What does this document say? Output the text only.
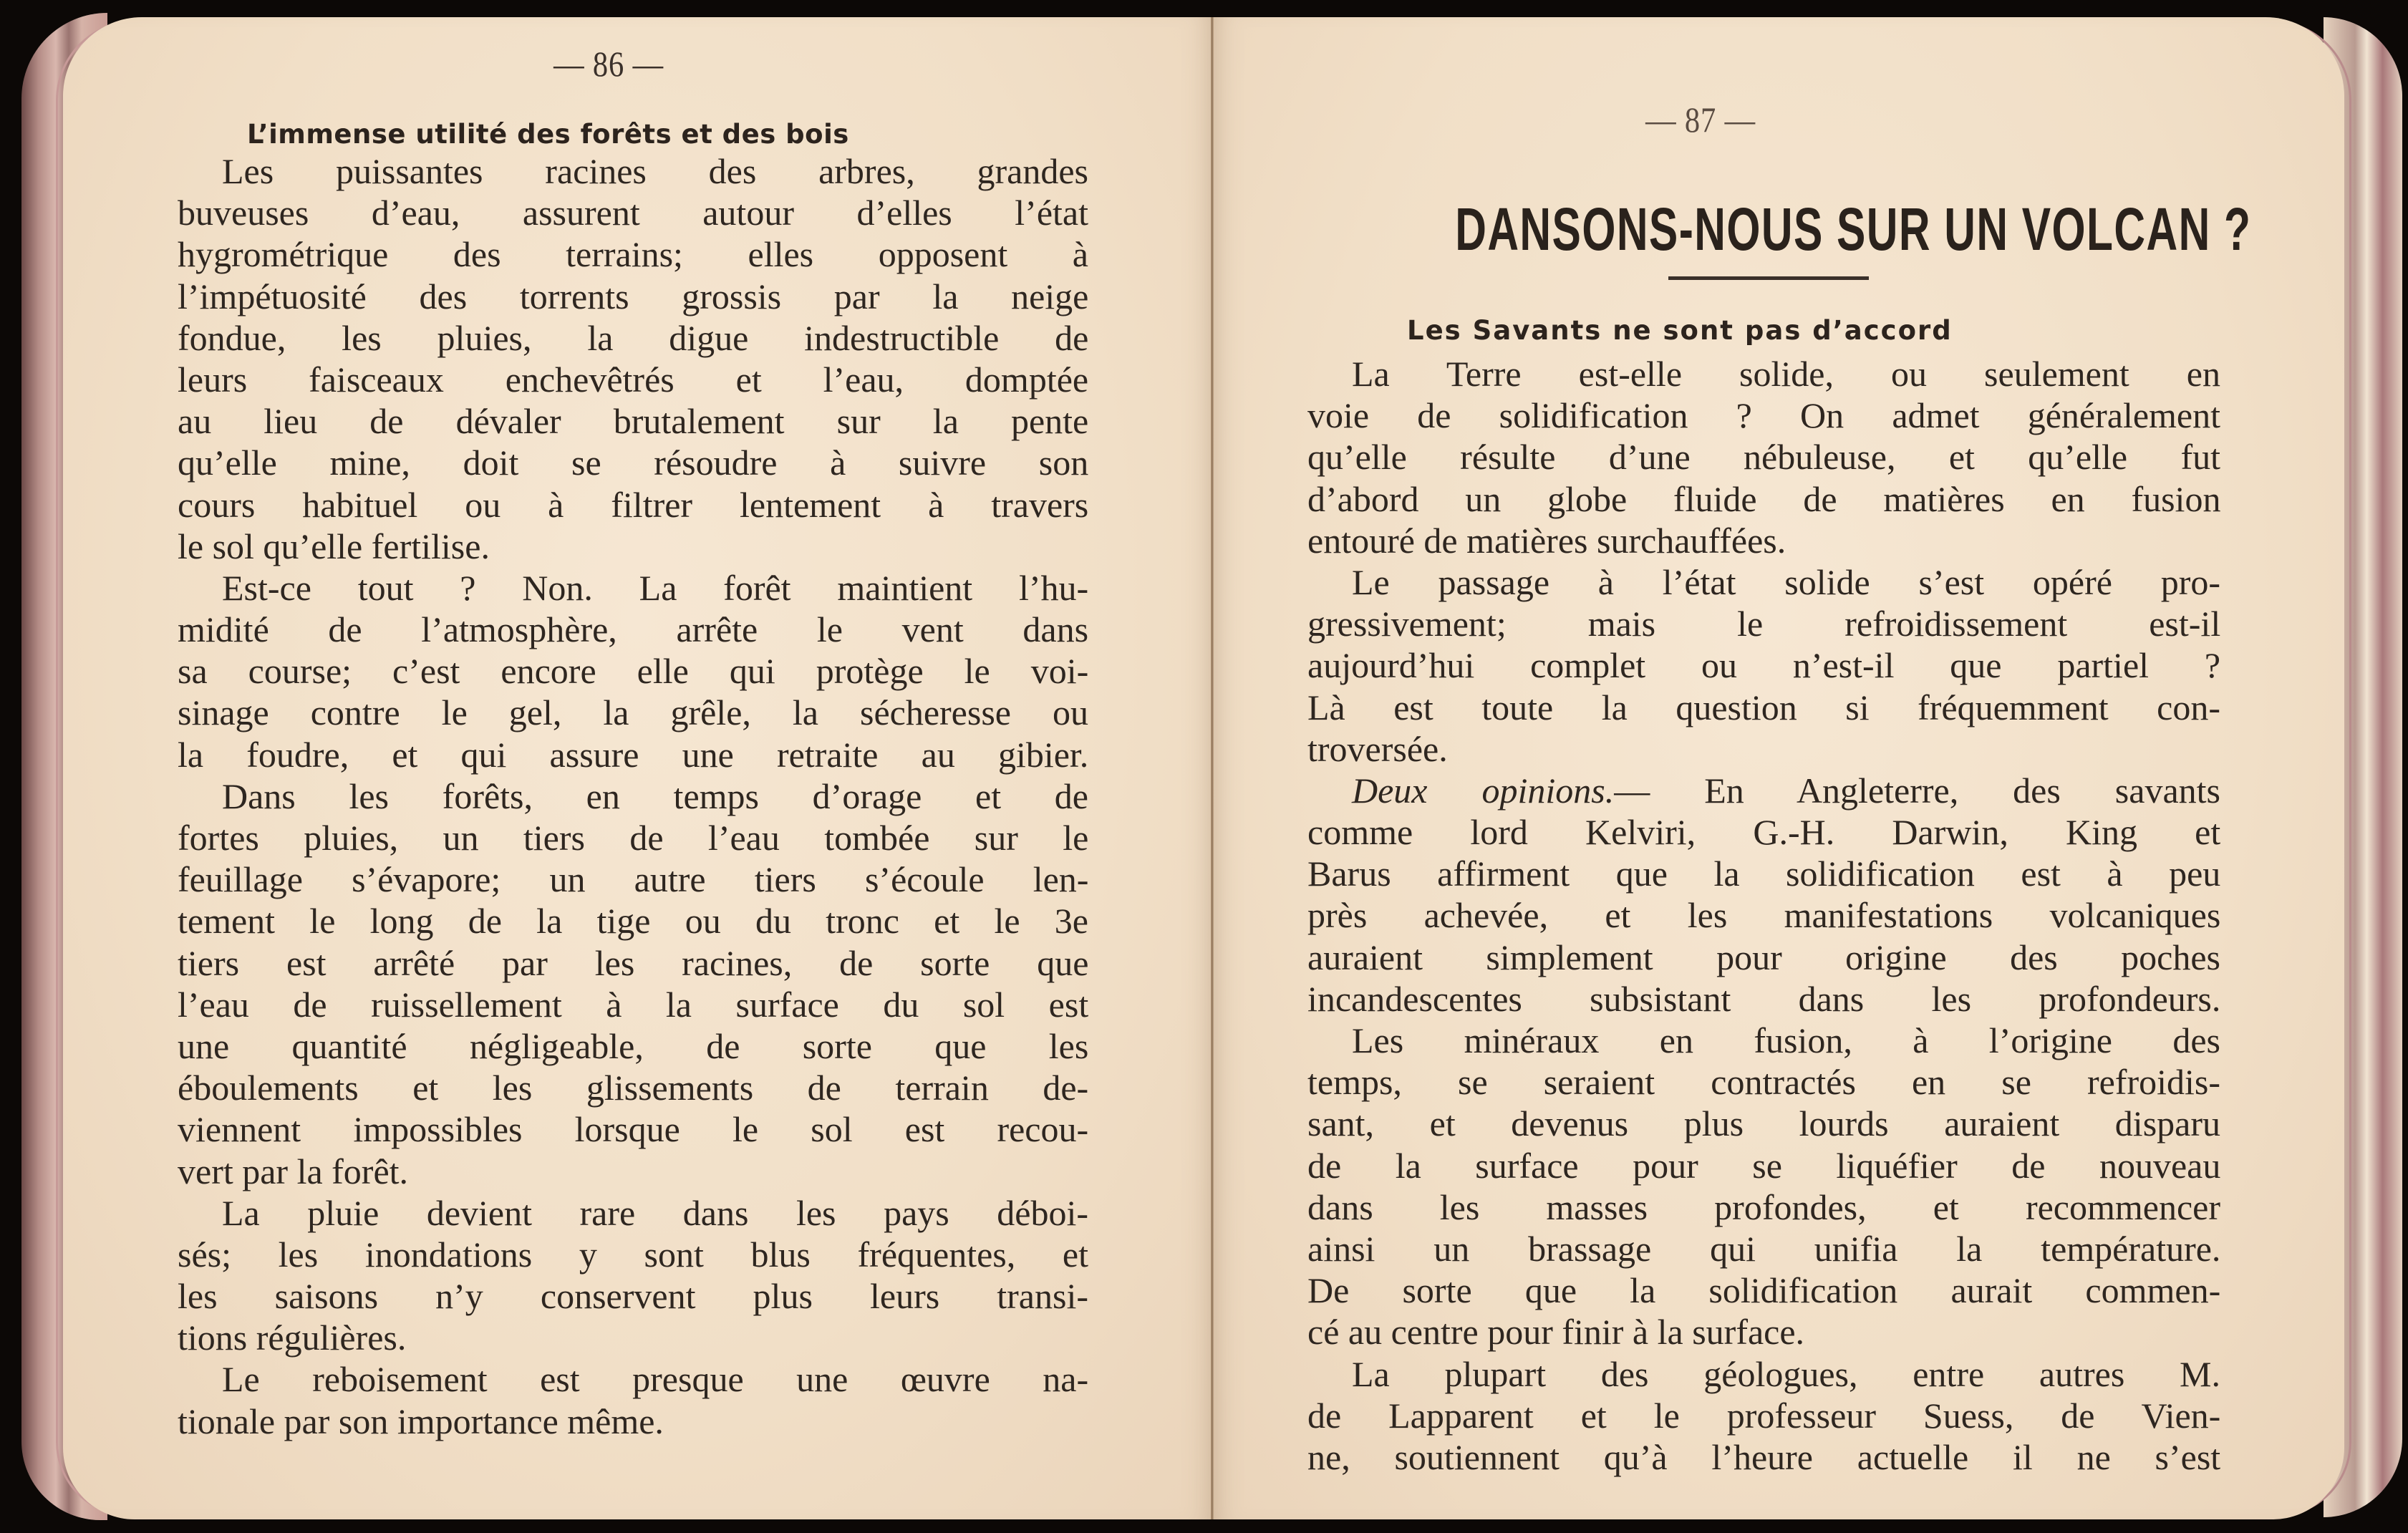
— 86 —
L’immense utilité des forêts et des bois
Les puissantes racines des arbres, grandes
buveuses d’eau, assurent autour d’elles l’état
hygrométrique des terrains; elles opposent à
l’impétuosité des torrents grossis par la neige
fondue, les pluies, la digue indestructible de
leurs faisceaux enchevêtrés et l’eau, domptée
au lieu de dévaler brutalement sur la pente
qu’elle mine, doit se résoudre à suivre son
cours habituel ou à filtrer lentement à travers
le sol qu’elle fertilise.
Est-ce tout ? Non. La forêt maintient l’hu-
midité de l’atmosphère, arrête le vent dans
sa course; c’est encore elle qui protège le voi-
sinage contre le gel, la grêle, la sécheresse ou
la foudre, et qui assure une retraite au gibier.
Dans les forêts, en temps d’orage et de
fortes pluies, un tiers de l’eau tombée sur le
feuillage s’évapore; un autre tiers s’écoule len-
tement le long de la tige ou du tronc et le 3e
tiers est arrêté par les racines, de sorte que
l’eau de ruissellement à la surface du sol est
une quantité négligeable, de sorte que les
éboulements et les glissements de terrain de-
viennent impossibles lorsque le sol est recou-
vert par la forêt.
La pluie devient rare dans les pays déboi-
sés; les inondations y sont blus fréquentes, et
les saisons n’y conservent plus leurs transi-
tions régulières.
Le reboisement est presque une œuvre na-
tionale par son importance même.
— 87 —
DANSONS-NOUS SUR UN VOLCAN ?
Les Savants ne sont pas d’accord
La Terre est-elle solide, ou seulement en
voie de solidification ? On admet généralement
qu’elle résulte d’une nébuleuse, et qu’elle fut
d’abord un globe fluide de matières en fusion
entouré de matières surchauffées.
Le passage à l’état solide s’est opéré pro-
gressivement; mais le refroidissement est-il
aujourd’hui complet ou n’est-il que partiel ?
Là est toute la question si fréquemment con-
troversée.
Deux opinions.— En Angleterre, des savants
comme lord Kelviri, G.-H. Darwin, King et
Barus affirment que la solidification est à peu
près achevée, et les manifestations volcaniques
auraient simplement pour origine des poches
incandescentes subsistant dans les profondeurs.
Les minéraux en fusion, à l’origine des
temps, se seraient contractés en se refroidis-
sant, et devenus plus lourds auraient disparu
de la surface pour se liquéfier de nouveau
dans les masses profondes, et recommencer
ainsi un brassage qui unifia la température.
De sorte que la solidification aurait commen-
cé au centre pour finir à la surface.
La plupart des géologues, entre autres M.
de Lapparent et le professeur Suess, de Vien-
ne, soutiennent qu’à l’heure actuelle il ne s’est
